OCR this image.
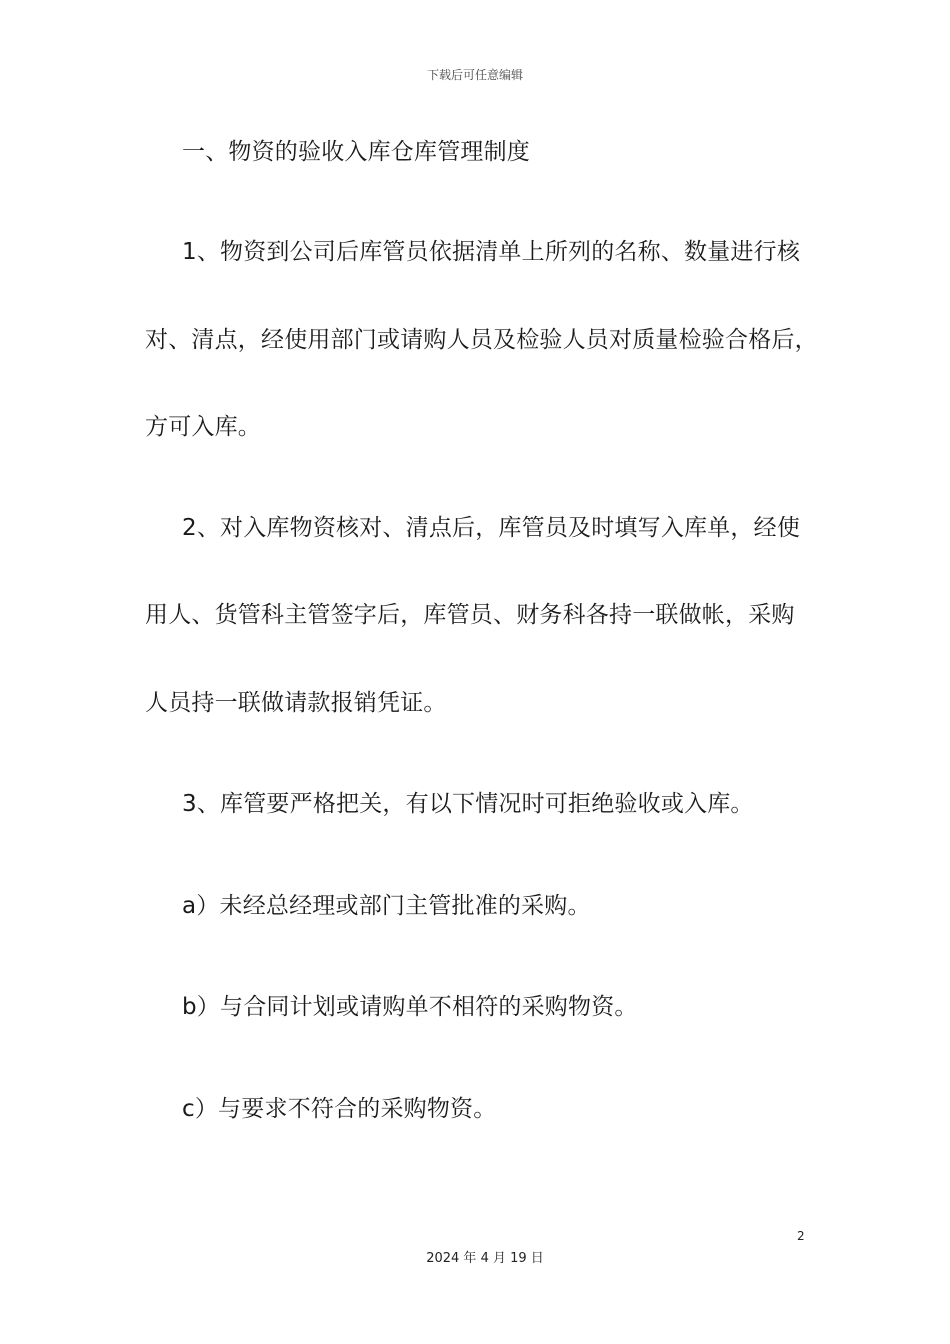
下载后可任意编辑
一、物资的验收入库仓库管理制度
1、物资到公司后库管员依据清单上所列的名称、数量进行核
对、清点，经使用部门或请购人员及检验人员对质量检验合格后，
方可入库。
2、对入库物资核对、清点后，库管员及时填写入库单，经使
用人、货管科主管签字后，库管员、财务科各持一联做帐，采购
人员持一联做请款报销凭证。
3、库管要严格把关，有以下情况时可拒绝验收或入库。
a）未经总经理或部门主管批准的采购。
b）与合同计划或请购单不相符的采购物资。
c）与要求不符合的采购物资。
2
2024 年 4 月 19 日
